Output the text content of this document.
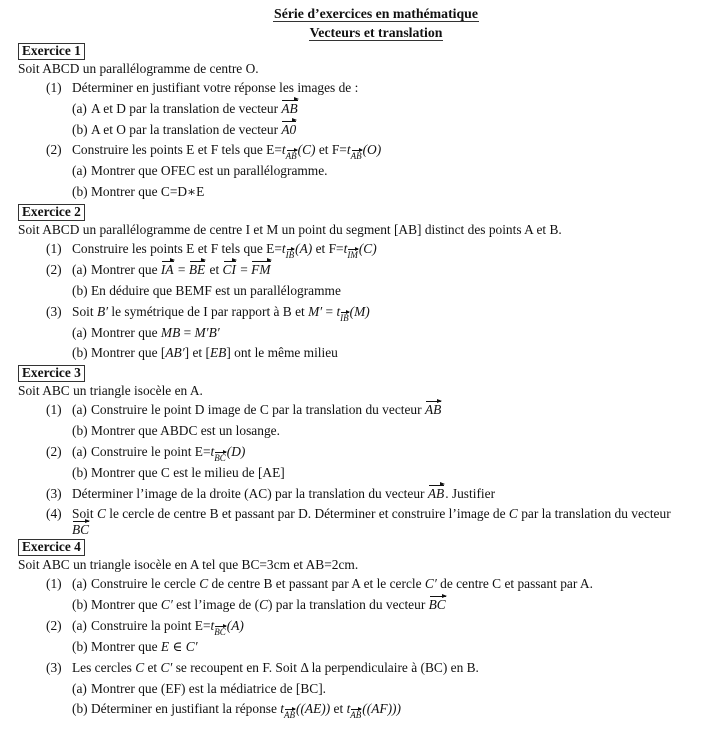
Série d’exercices en mathématique
Vecteurs et translation
Exercice 1
Soit ABCD un parallélogramme de centre O.
(1) Déterminer en justifiant votre réponse les images de :
(a) A et D par la translation de vecteur AB
(b) A et O par la translation de vecteur A0
(2) Construire les points E et F tels que E=tAB(C) et F=tAB(O)
(a) Montrer que OFEC est un parallélogramme.
(b) Montrer que C=D∗E
Exercice 2
Soit ABCD un parallélogramme de centre I et M un point du segment [AB] distinct des points A et B.
(1) Construire les points E et F tels que E=tIB(A) et F=tIM(C)
(2) (a) Montrer que IA = BE et CI = FM
(b) En déduire que BEMF est un parallélogramme
(3) Soit B′ le symétrique de I par rapport à B et M′ = tIB(M)
(a) Montrer que MB = M′B′
(b) Montrer que [AB′] et [EB] ont le même milieu
Exercice 3
Soit ABC un triangle isocèle en A.
(1) (a) Construire le point D image de C par la translation du vecteur AB
(b) Montrer que ABDC est un losange.
(2) (a) Construire le point E=tBC(D)
(b) Montrer que C est le milieu de [AE]
(3) Déterminer l’image de la droite (AC) par la translation du vecteur AB. Justifier
(4) Soit C le cercle de centre B et passant par D. Déterminer et construire l’image de C par la translation du vecteur BC
Exercice 4
Soit ABC un triangle isocèle en A tel que BC=3cm et AB=2cm.
(1) (a) Construire le cercle C de centre B et passant par A et le cercle C′ de centre C et passant par A.
(b) Montrer que C′ est l’image de (C) par la translation du vecteur BC
(2) (a) Construire la point E=tBC(A)
(b) Montrer que E ∈ C′
(3) Les cercles C et C′ se recoupent en F. Soit Δ la perpendiculaire à (BC) en B.
(a) Montrer que (EF) est la médiatrice de [BC].
(b) Déterminer en justifiant la réponse tAB((AE)) et tAB((AF)))
